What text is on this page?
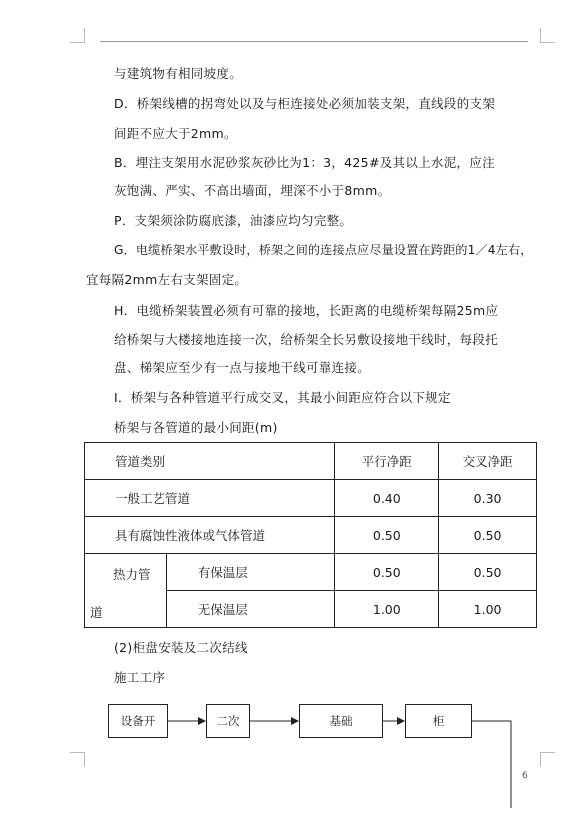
与建筑物有相同坡度。
D．桥架线槽的拐弯处以及与柜连接处必须加装支架，直线段的支架
间距不应大于2mm。
B．埋注支架用水泥砂浆灰砂比为1：3，425#及其以上水泥，应注
灰饱满、严实、不高出墙面，埋深不小于8mm。
P．支架须涂防腐底漆，油漆应均匀完整。
G．电缆桥架水平敷设时，桥架之间的连接点应尽量设置在跨距的1／4左右，
宜每隔2mm左右支架固定。
H．电缆桥架装置必须有可靠的接地，长距离的电缆桥架每隔25m应
给桥架与大楼接地连接一次，给桥架全长另敷设接地干线时，每段托
盘、梯架应至少有一点与接地干线可靠连接。
I．桥架与各种管道平行成交叉，其最小间距应符合以下规定
桥架与各管道的最小间距(m)
管道类别		平行净距	交叉净距
一般工艺管道		0.40	0.30
具有腐蚀性液体或气体管道		0.50	0.50

热力管
道	有保温层	0.50	0.50
	无保温层	1.00	1.00
(2)柜盘安装及二次结线
施工工序
设备开	二次	基础	柜
6
